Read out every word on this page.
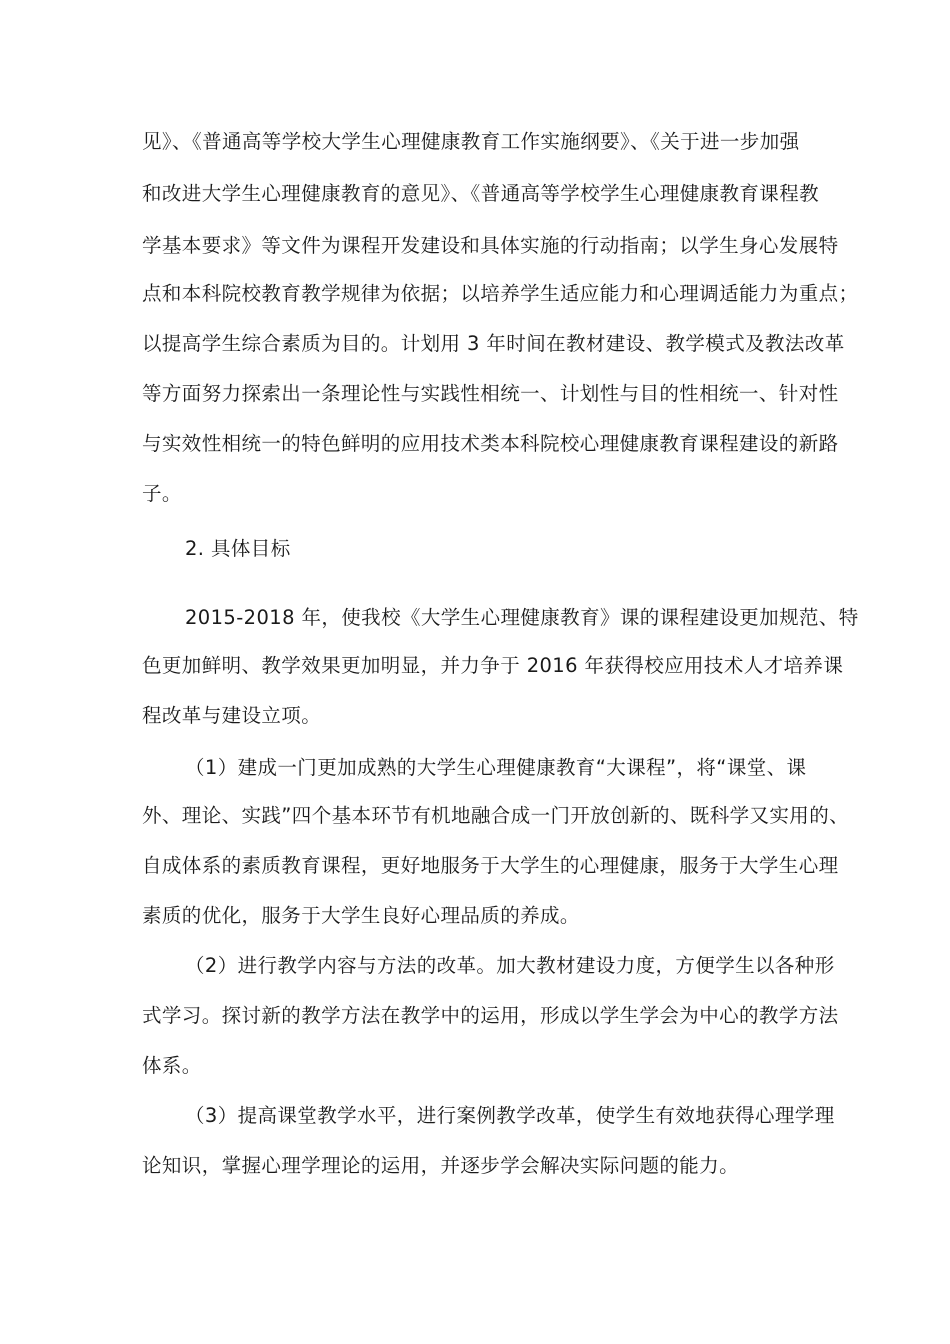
见》、《普通高等学校大学生心理健康教育工作实施纲要》、《关于进一步加强
和改进大学生心理健康教育的意见》、《普通高等学校学生心理健康教育课程教
学基本要求》等文件为课程开发建设和具体实施的行动指南；以学生身心发展特
点和本科院校教育教学规律为依据；以培养学生适应能力和心理调适能力为重点；
以提高学生综合素质为目的。计划用 3 年时间在教材建设、教学模式及教法改革
等方面努力探索出一条理论性与实践性相统一、计划性与目的性相统一、针对性
与实效性相统一的特色鲜明的应用技术类本科院校心理健康教育课程建设的新路
子。
2. 具体目标
2015-2018 年，使我校《大学生心理健康教育》课的课程建设更加规范、特
色更加鲜明、教学效果更加明显，并力争于 2016 年获得校应用技术人才培养课
程改革与建设立项。
（1）建成一门更加成熟的大学生心理健康教育“大课程”，将“课堂、课
外、理论、实践”四个基本环节有机地融合成一门开放创新的、既科学又实用的、
自成体系的素质教育课程，更好地服务于大学生的心理健康，服务于大学生心理
素质的优化，服务于大学生良好心理品质的养成。
（2）进行教学内容与方法的改革。加大教材建设力度，方便学生以各种形
式学习。探讨新的教学方法在教学中的运用，形成以学生学会为中心的教学方法
体系。
（3）提高课堂教学水平，进行案例教学改革，使学生有效地获得心理学理
论知识，掌握心理学理论的运用，并逐步学会解决实际问题的能力。
